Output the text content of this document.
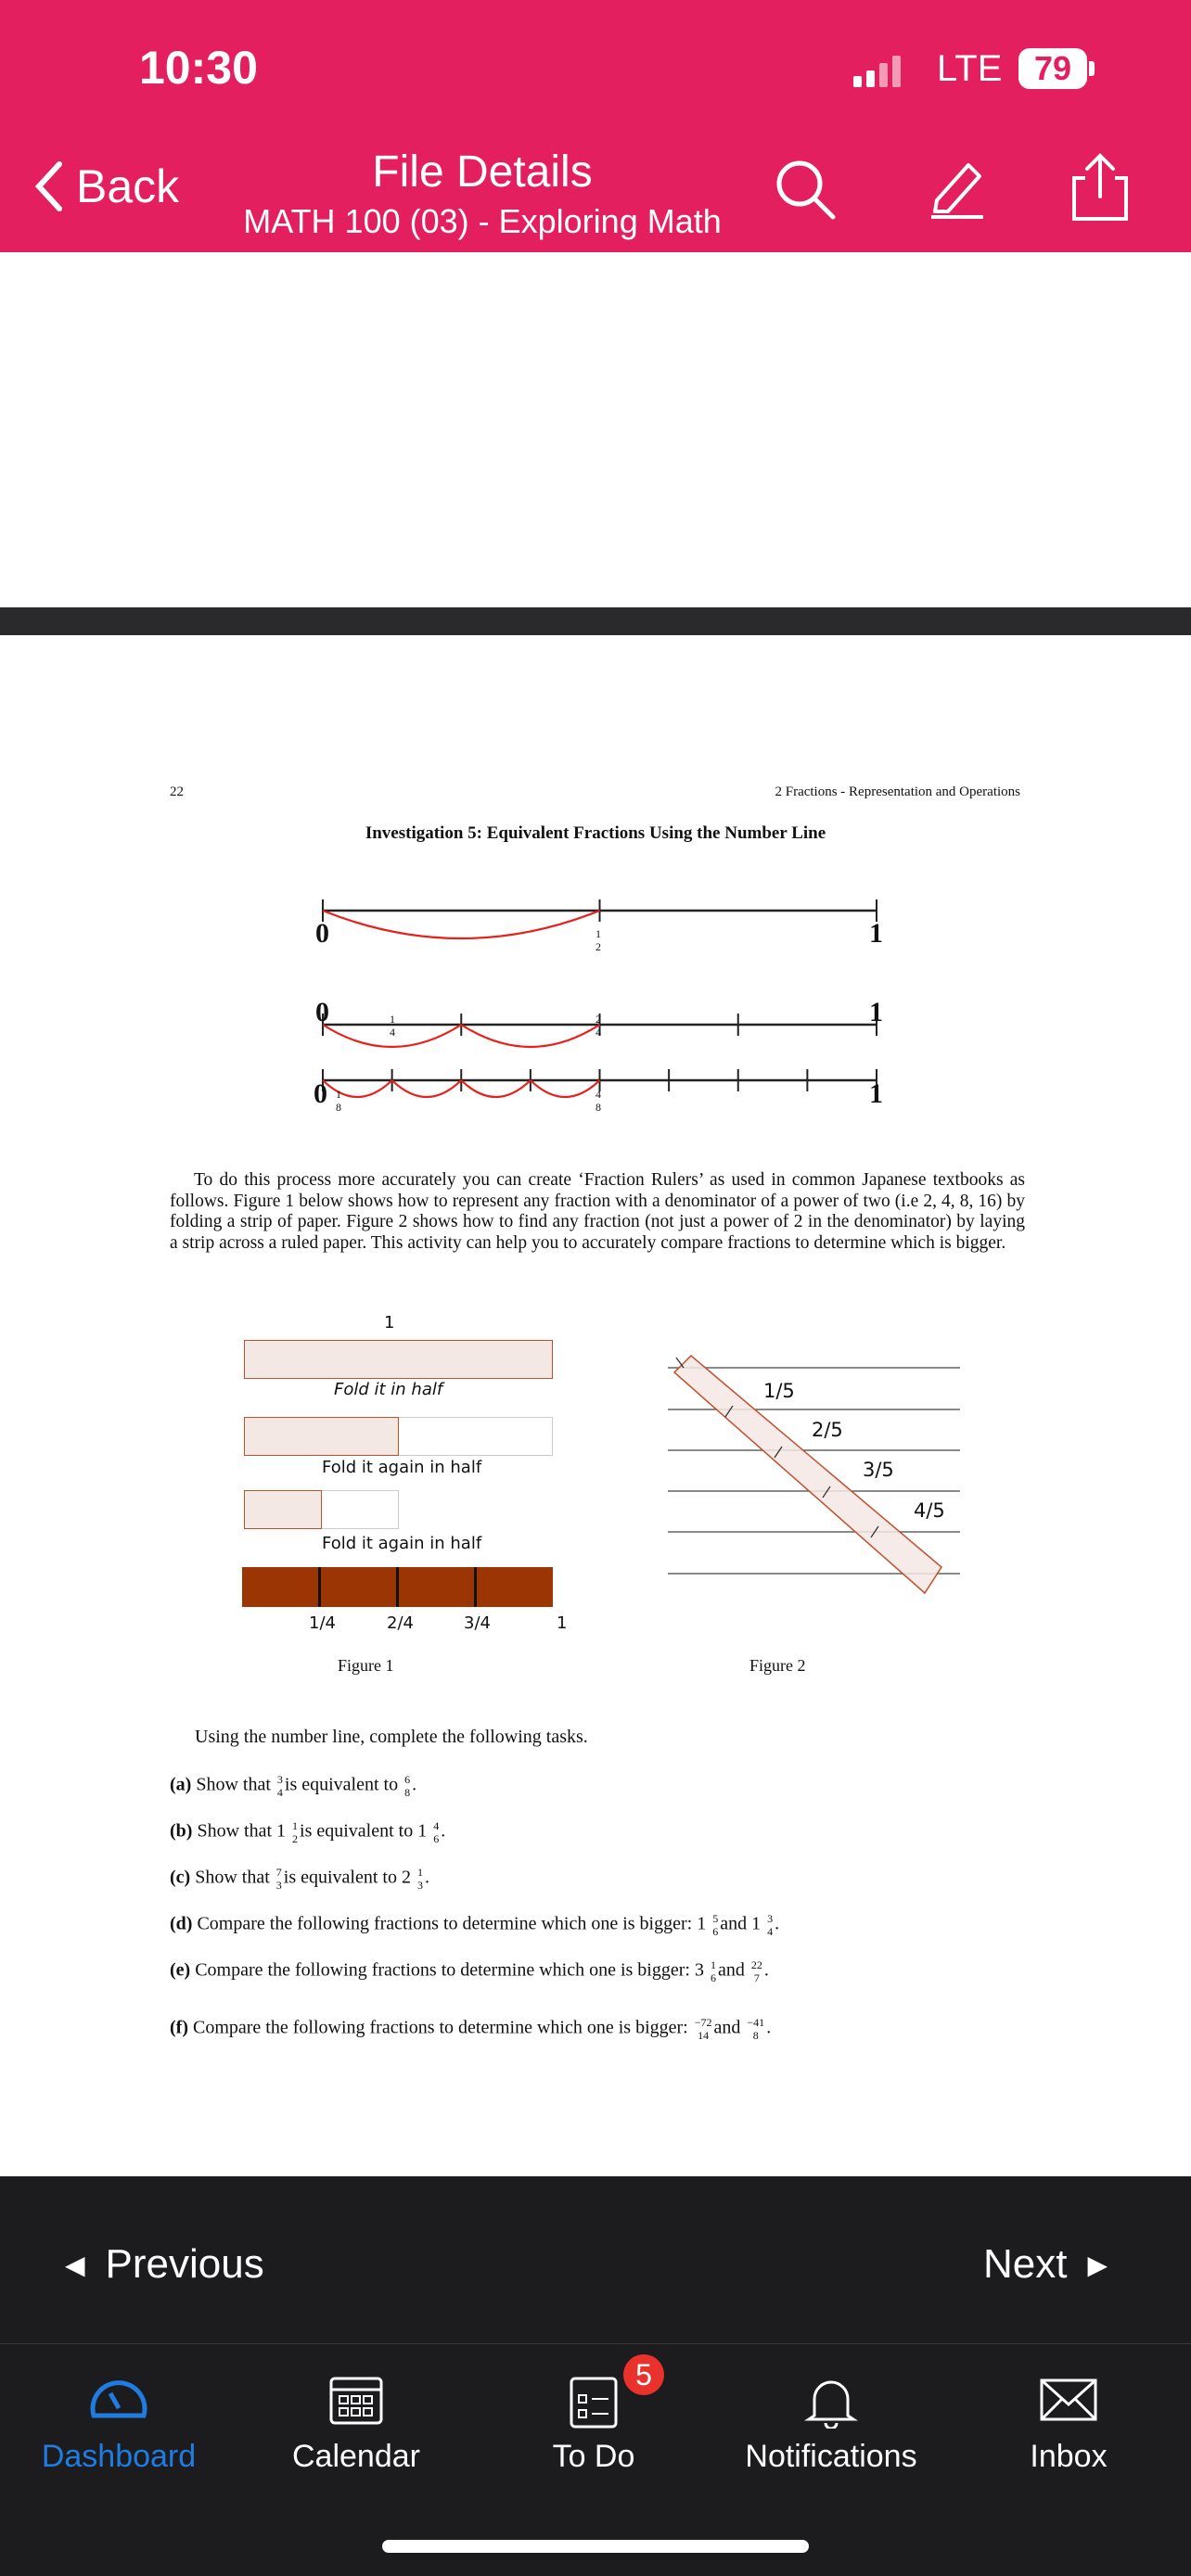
10:30	LTE 79
Back	File Details
MATH 100 (03) - Exploring Math
22	2 Fractions - Representation and Operations
Investigation 5: Equivalent Fractions Using the Number Line
0
0
0
1
1
1
1
2
1
4
2
4
1
8
4
8
To do this process more accurately you can create ‘Fraction Rulers’ as used in common Japanese textbooks as follows. Figure 1 below shows how to represent any fraction with a denominator of a power of two (i.e 2, 4, 8, 16) by folding a strip of paper. Figure 2 shows how to find any fraction (not just a power of 2 in the denominator) by laying a strip across a ruled paper. This activity can help you to accurately compare fractions to determine which is bigger.
1
Fold it in half
Fold it again in half
Fold it again in half
1/4	2/4	3/4	1
Figure 1
1/5
2/5
3/5
4/5
Figure 2
Using the number line, complete the following tasks.
(a) Show that 3
4 is equivalent to 6
8 .
(b) Show that 1 1
2 is equivalent to 1 4
6 .
(c) Show that 7
3 is equivalent to 2 1
3 .
(d) Compare the following fractions to determine which one is bigger: 1 5
6 and 1 3
4 .
(e) Compare the following fractions to determine which one is bigger: 3 1
6 and 22
7 .
(f) Compare the following fractions to determine which one is bigger: −72
14 and −41
8 .
◀ Previous	Next ▶
Dashboard	Calendar
5
To Do	Notifications	Inbox
